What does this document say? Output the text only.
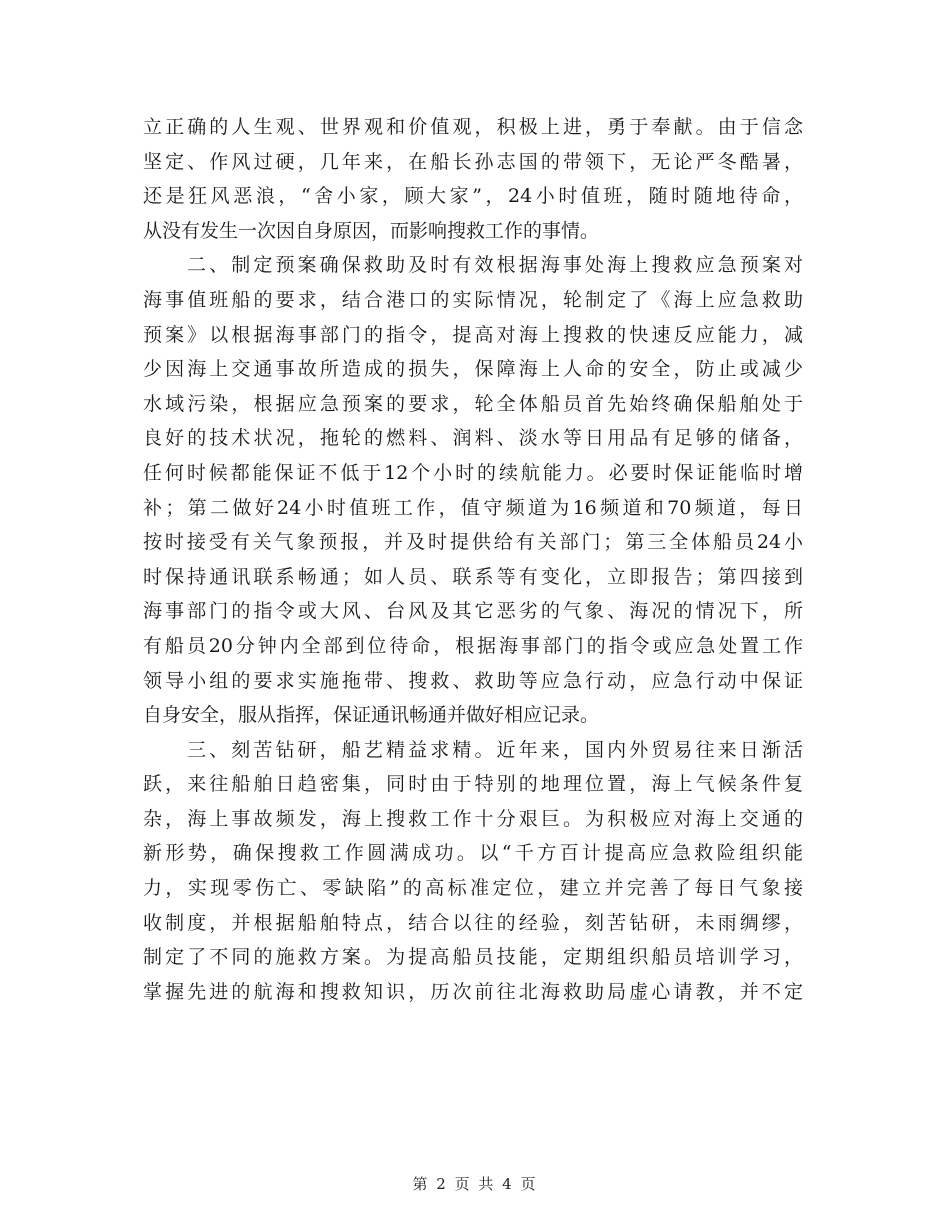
立正确的人生观、世界观和价值观，积极上进，勇于奉献。由于信念
坚定、作风过硬，几年来，在船长孙志国的带领下，无论严冬酷暑，
还是狂风恶浪，“舍小家，顾大家”，24小时值班，随时随地待命，
从没有发生一次因自身原因，而影响搜救工作的事情。
二、制定预案确保救助及时有效根据海事处海上搜救应急预案对
海事值班船的要求，结合港口的实际情况，轮制定了《海上应急救助
预案》以根据海事部门的指令，提高对海上搜救的快速反应能力，减
少因海上交通事故所造成的损失，保障海上人命的安全，防止或减少
水域污染，根据应急预案的要求，轮全体船员首先始终确保船舶处于
良好的技术状况，拖轮的燃料、润料、淡水等日用品有足够的储备，
任何时候都能保证不低于12个小时的续航能力。必要时保证能临时增
补；第二做好24小时值班工作，值守频道为16频道和70频道，每日
按时接受有关气象预报，并及时提供给有关部门；第三全体船员24小
时保持通讯联系畅通；如人员、联系等有变化，立即报告；第四接到
海事部门的指令或大风、台风及其它恶劣的气象、海况的情况下，所
有船员20分钟内全部到位待命，根据海事部门的指令或应急处置工作
领导小组的要求实施拖带、搜救、救助等应急行动，应急行动中保证
自身安全，服从指挥，保证通讯畅通并做好相应记录。
三、刻苦钻研，船艺精益求精。近年来，国内外贸易往来日渐活
跃，来往船舶日趋密集，同时由于特别的地理位置，海上气候条件复
杂，海上事故频发，海上搜救工作十分艰巨。为积极应对海上交通的
新形势，确保搜救工作圆满成功。以“千方百计提高应急救险组织能
力，实现零伤亡、零缺陷”的高标准定位，建立并完善了每日气象接
收制度，并根据船舶特点，结合以往的经验，刻苦钻研，未雨绸缪，
制定了不同的施救方案。为提高船员技能，定期组织船员培训学习，
掌握先进的航海和搜救知识，历次前往北海救助局虚心请教，并不定
第 2 页 共 4 页
